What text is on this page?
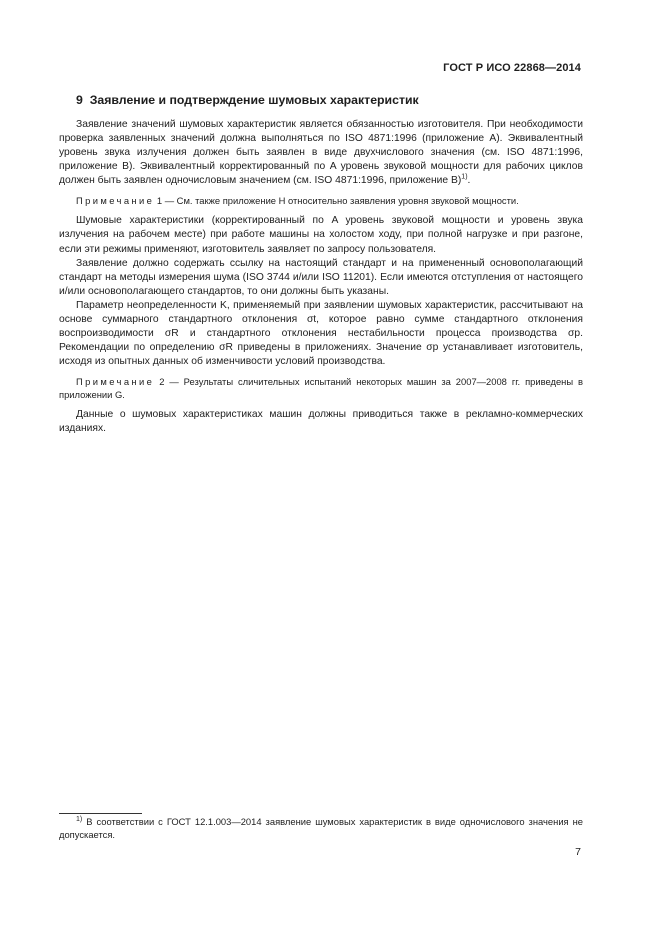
ГОСТ Р ИСО 22868—2014
9 Заявление и подтверждение шумовых характеристик

Заявление значений шумовых характеристик является обязанностью изготовителя. При необходимости проверка заявленных значений должна выполняться по ISO 4871:1996 (приложение А). Эквивалентный уровень звука излучения должен быть заявлен в виде двухчислового значения (см. ISO 4871:1996, приложение В). Эквивалентный корректированный по A уровень звуковой мощности для рабочих циклов должен быть заявлен одночисловым значением (см. ISO 4871:1996, приложение В)$^{1)}$.

Примечание 1 — См. также приложение H относительно заявления уровня звуковой мощности.

Шумовые характеристики (корректированный по A уровень звуковой мощности и уровень звука излучения на рабочем месте) при работе машины на холостом ходу, при полной нагрузке и при разгоне, если эти режимы применяют, изготовитель заявляет по запросу пользователя.

Заявление должно содержать ссылку на настоящий стандарт и на примененный основополагающий стандарт на методы измерения шума (ISO 3744 и/или ISO 11201). Если имеются отступления от настоящего и/или основополагающего стандартов, то они должны быть указаны.

Параметр неопределенности K, применяемый при заявлении шумовых характеристик, рассчитывают на основе суммарного стандартного отклонения σt, которое равно сумме стандартного отклонения воспроизводимости σR и стандартного отклонения нестабильности процесса производства σp. Рекомендации по определению σR приведены в приложениях. Значение σp устанавливает изготовитель, исходя из опытных данных об изменчивости условий производства.

Примечание 2 — Результаты сличительных испытаний некоторых машин за 2007—2008 гг. приведены в приложении G.

Данные о шумовых характеристиках машин должны приводиться также в рекламно-коммерческих изданиях.

$^{1)}$ В соответствии с ГОСТ 12.1.003—2014 заявление шумовых характеристик в виде одночислового значения не допускается.
7
